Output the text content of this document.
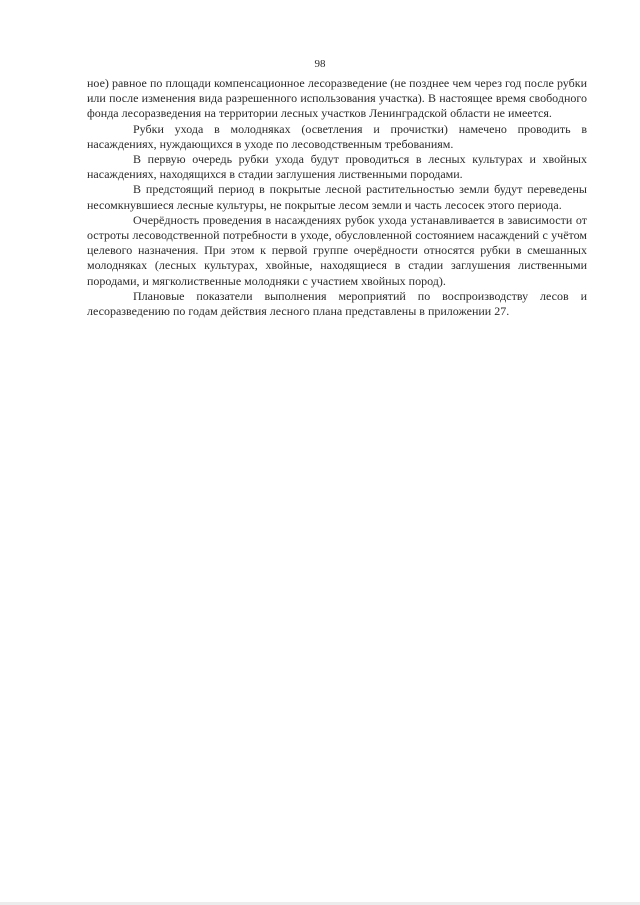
98

ное) равное по площади компенсационное лесоразведение (не позднее чем через год после рубки или после изменения вида разрешенного использования участка). В настоящее время свободного фонда лесоразведения на территории лесных участков Ленинградской области не имеется.

Рубки ухода в молодняках (осветления и прочистки) намечено проводить в насаждениях, нуждающихся в уходе по лесоводственным требованиям.

В первую очередь рубки ухода будут проводиться в лесных культурах и хвойных насаждениях, находящихся в стадии заглушения лиственными породами.

В предстоящий период в покрытые лесной растительностью земли будут переведены несомкнувшиеся лесные культуры, не покрытые лесом земли и часть лесосек этого периода.

Очерёдность проведения в насаждениях рубок ухода устанавливается в зависимости от остроты лесоводственной потребности в уходе, обусловленной состоянием насаждений с учётом целевого назначения. При этом к первой группе очерёдности относятся рубки в смешанных молодняках (лесных культурах, хвойные, находящиеся в стадии заглушения лиственными породами, и мягколиственные молодняки с участием хвойных пород).

Плановые показатели выполнения мероприятий по воспроизводству лесов и лесоразведению по годам действия лесного плана представлены в приложении 27.
